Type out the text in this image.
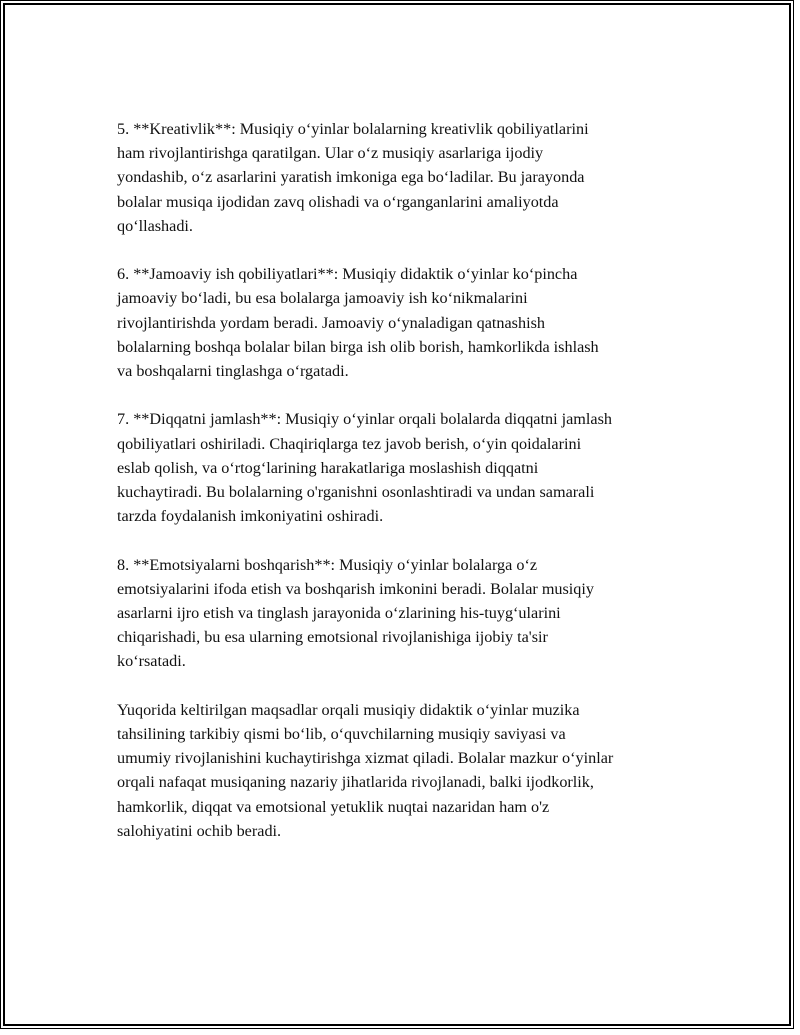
5. **Kreativlik**: Musiqiy o‘yinlar bolalarning kreativlik qobiliyatlarini
ham rivojlantirishga qaratilgan. Ular o‘z musiqiy asarlariga ijodiy
yondashib, o‘z asarlarini yaratish imkoniga ega bo‘ladilar. Bu jarayonda
bolalar musiqa ijodidan zavq olishadi va o‘rganganlarini amaliyotda
qo‘llashadi.

6. **Jamoaviy ish qobiliyatlari**: Musiqiy didaktik o‘yinlar ko‘pincha
jamoaviy bo‘ladi, bu esa bolalarga jamoaviy ish ko‘nikmalarini
rivojlantirishda yordam beradi. Jamoaviy o‘ynaladigan qatnashish
bolalarning boshqa bolalar bilan birga ish olib borish, hamkorlikda ishlash
va boshqalarni tinglashga o‘rgatadi.

7. **Diqqatni jamlash**: Musiqiy o‘yinlar orqali bolalarda diqqatni jamlash
qobiliyatlari oshiriladi. Chaqiriqlarga tez javob berish, o‘yin qoidalarini
eslab qolish, va o‘rtog‘larining harakatlariga moslashish diqqatni
kuchaytiradi. Bu bolalarning o'rganishni osonlashtiradi va undan samarali
tarzda foydalanish imkoniyatini oshiradi.

8. **Emotsiyalarni boshqarish**: Musiqiy o‘yinlar bolalarga o‘z
emotsiyalarini ifoda etish va boshqarish imkonini beradi. Bolalar musiqiy
asarlarni ijro etish va tinglash jarayonida o‘zlarining his-tuyg‘ularini
chiqarishadi, bu esa ularning emotsional rivojlanishiga ijobiy ta'sir
ko‘rsatadi.

Yuqorida keltirilgan maqsadlar orqali musiqiy didaktik o‘yinlar muzika
tahsilining tarkibiy qismi bo‘lib, o‘quvchilarning musiqiy saviyasi va
umumiy rivojlanishini kuchaytirishga xizmat qiladi. Bolalar mazkur o‘yinlar
orqali nafaqat musiqaning nazariy jihatlarida rivojlanadi, balki ijodkorlik,
hamkorlik, diqqat va emotsional yetuklik nuqtai nazaridan ham o'z
salohiyatini ochib beradi.
